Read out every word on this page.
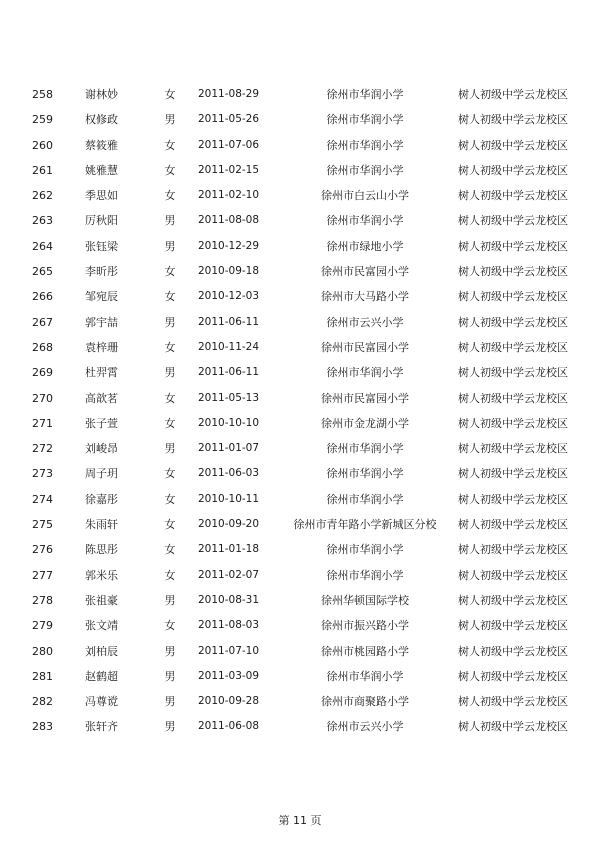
258	谢林妙	女	2011-08-29	徐州市华润小学	树人初级中学云龙校区
259	权修政	男	2011-05-26	徐州市华润小学	树人初级中学云龙校区
260	蔡筱雅	女	2011-07-06	徐州市华润小学	树人初级中学云龙校区
261	姚雅慧	女	2011-02-15	徐州市华润小学	树人初级中学云龙校区
262	季思如	女	2011-02-10	徐州市白云山小学	树人初级中学云龙校区
263	厉秋阳	男	2011-08-08	徐州市华润小学	树人初级中学云龙校区
264	张钰梁	男	2010-12-29	徐州市绿地小学	树人初级中学云龙校区
265	李昕彤	女	2010-09-18	徐州市民富园小学	树人初级中学云龙校区
266	邹宛辰	女	2010-12-03	徐州市大马路小学	树人初级中学云龙校区
267	郭宇喆	男	2011-06-11	徐州市云兴小学	树人初级中学云龙校区
268	袁梓珊	女	2010-11-24	徐州市民富园小学	树人初级中学云龙校区
269	杜羿霄	男	2011-06-11	徐州市华润小学	树人初级中学云龙校区
270	高歆茗	女	2011-05-13	徐州市民富园小学	树人初级中学云龙校区
271	张子萱	女	2010-10-10	徐州市金龙湖小学	树人初级中学云龙校区
272	刘峻昂	男	2011-01-07	徐州市华润小学	树人初级中学云龙校区
273	周子玥	女	2011-06-03	徐州市华润小学	树人初级中学云龙校区
274	徐嘉彤	女	2010-10-11	徐州市华润小学	树人初级中学云龙校区
275	朱雨轩	女	2010-09-20	徐州市青年路小学新城区分校	树人初级中学云龙校区
276	陈思彤	女	2011-01-18	徐州市华润小学	树人初级中学云龙校区
277	郭米乐	女	2011-02-07	徐州市华润小学	树人初级中学云龙校区
278	张祖豪	男	2010-08-31	徐州华顿国际学校	树人初级中学云龙校区
279	张文靖	女	2011-08-03	徐州市振兴路小学	树人初级中学云龙校区
280	刘柏辰	男	2011-07-10	徐州市桃园路小学	树人初级中学云龙校区
281	赵鹤超	男	2011-03-09	徐州市华润小学	树人初级中学云龙校区
282	冯尊谠	男	2010-09-28	徐州市商聚路小学	树人初级中学云龙校区
283	张轩齐	男	2011-06-08	徐州市云兴小学	树人初级中学云龙校区
第 11 页
